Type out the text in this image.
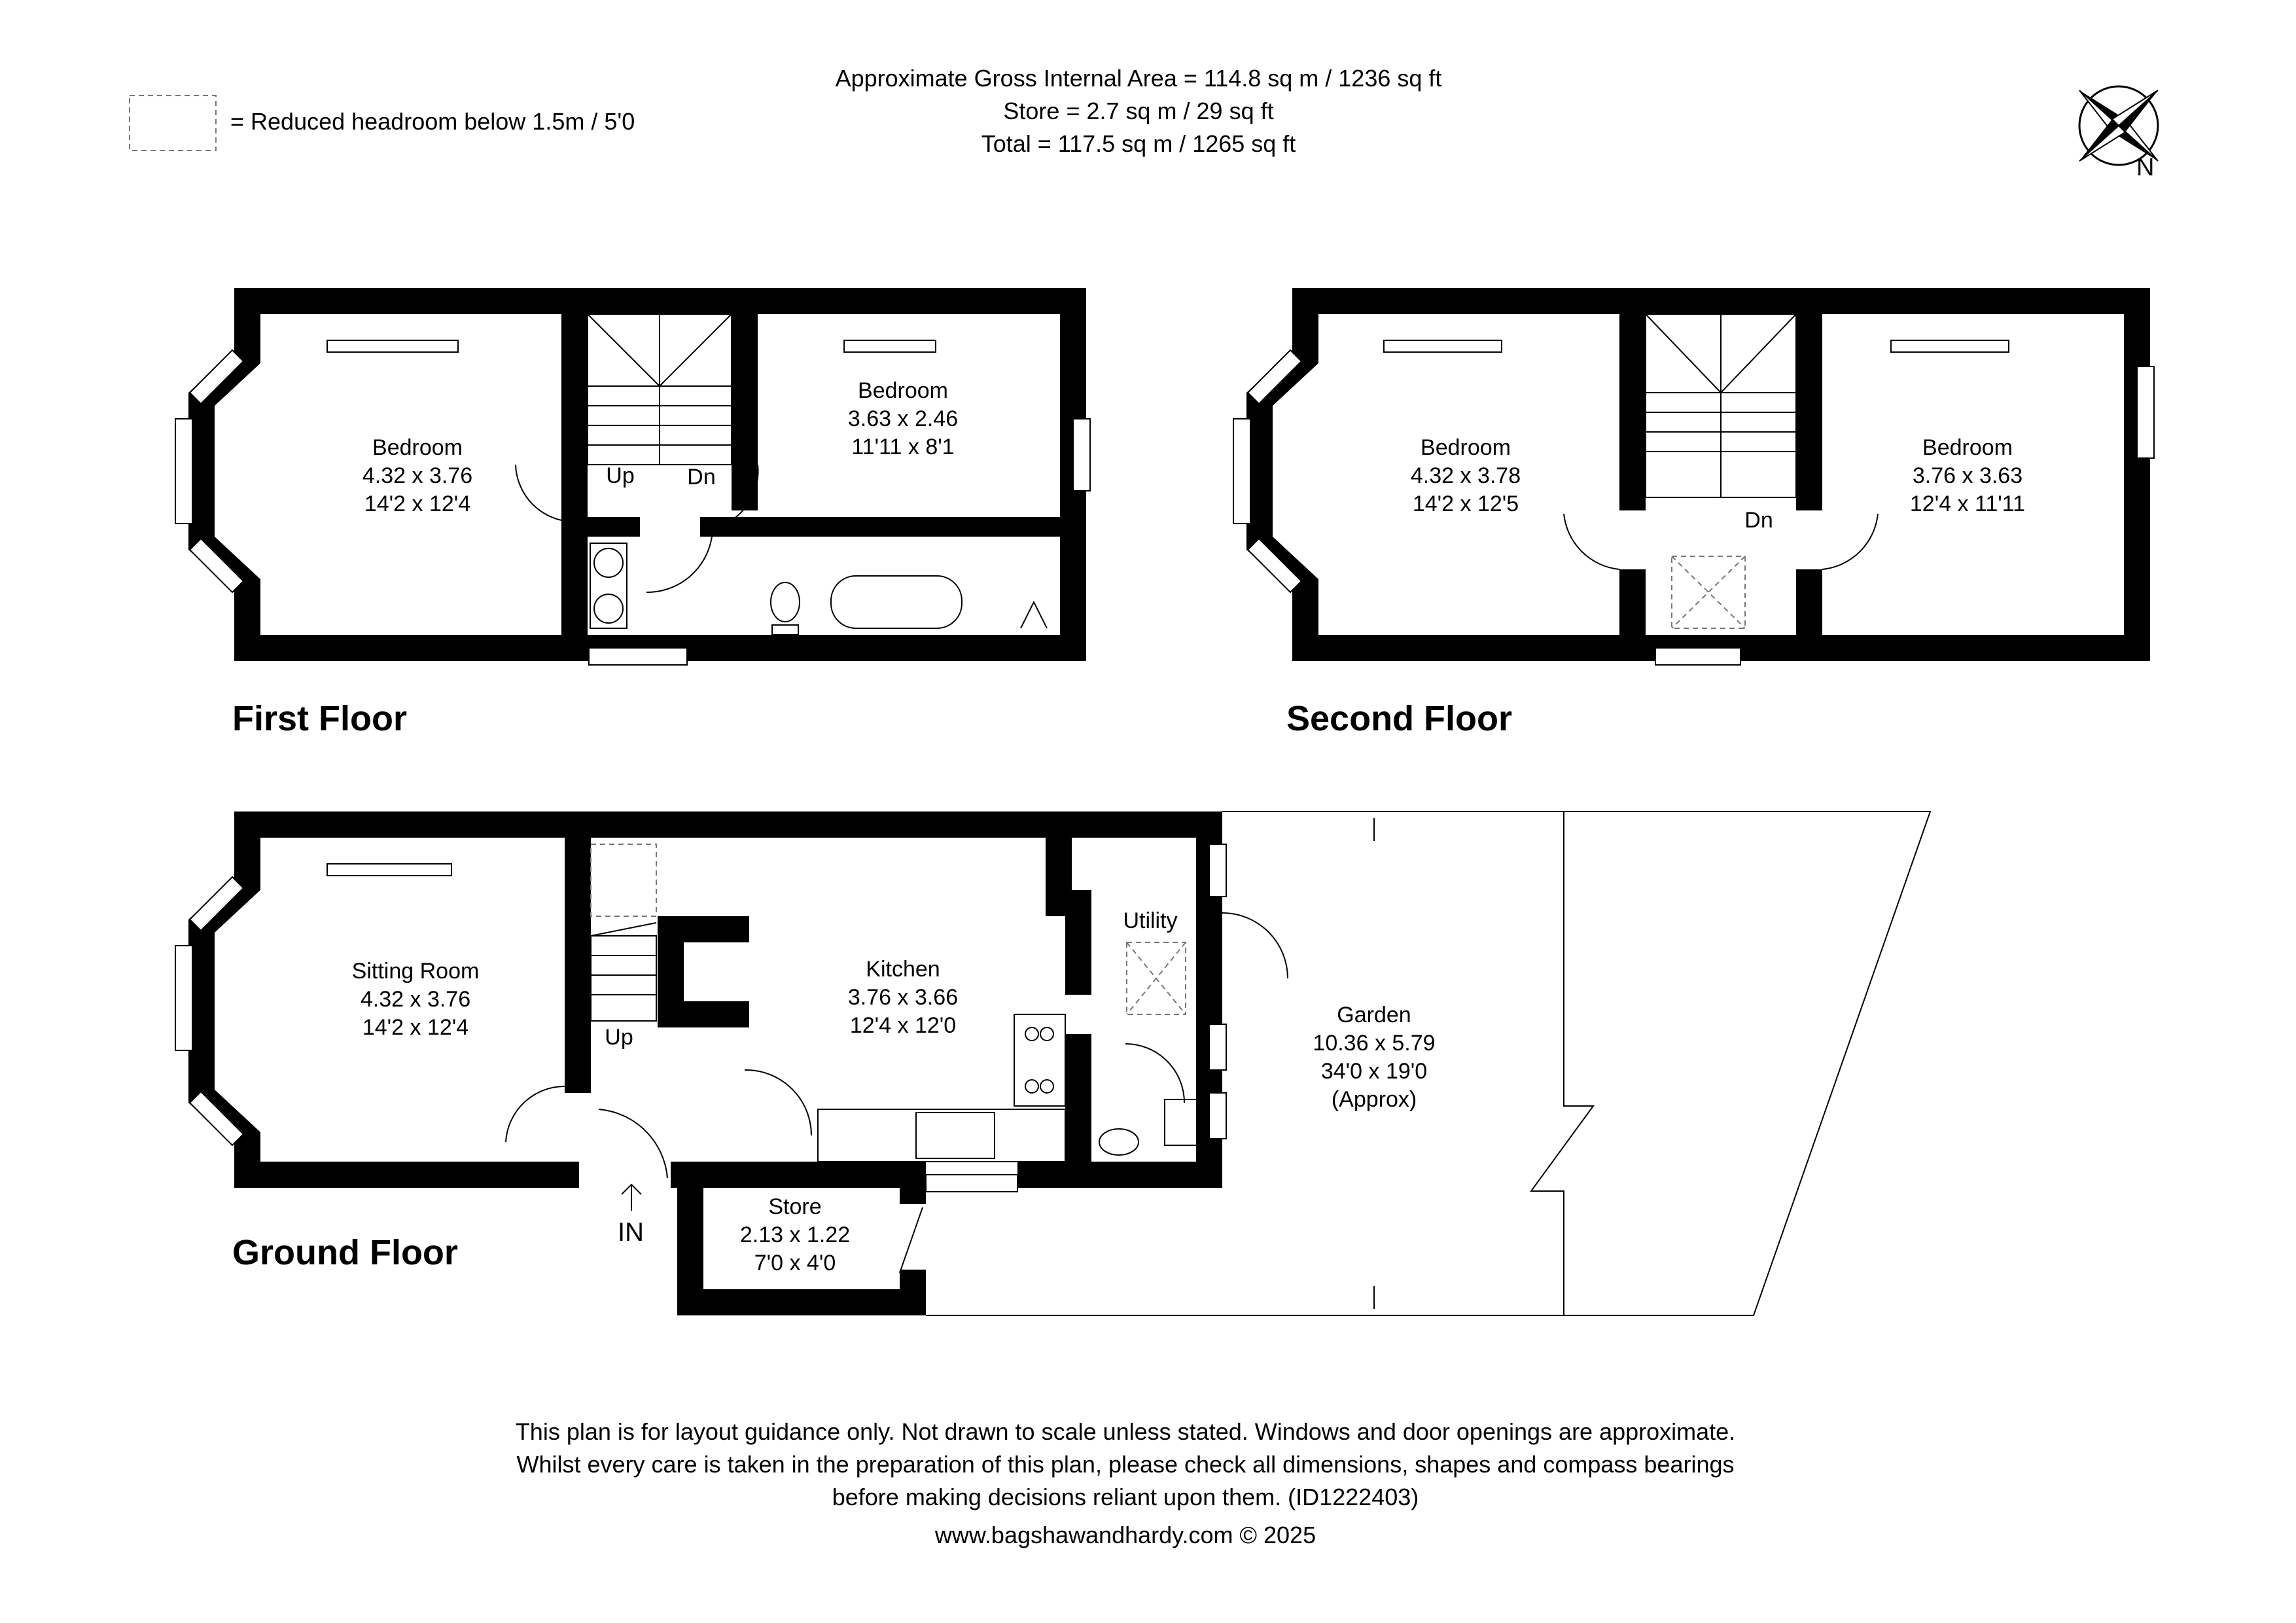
= Reduced headroom below 1.5m / 5'0
Approximate Gross Internal Area = 114.8 sq m / 1236 sq ft
Store = 2.7 sq m / 29 sq ft
Total = 117.5 sq m / 1265 sq ft
N
Bedroom
4.32 x 3.76
14'2 x 12'4
Bedroom
3.63 x 2.46
11'11 x 8'1
Up Dn
First Floor
Bedroom
4.32 x 3.78
14'2 x 12'5
Bedroom
3.76 x 3.63
12'4 x 11'11
Dn
Second Floor
Sitting Room
4.32 x 3.76
14'2 x 12'4
Kitchen
3.76 x 3.66
12'4 x 12'0
Utility
Store
2.13 x 1.22
7'0 x 4'0
Garden
10.36 x 5.79
34'0 x 19'0
(Approx)
Up
IN
Ground Floor
This plan is for layout guidance only. Not drawn to scale unless stated. Windows and door openings are approximate.
Whilst every care is taken in the preparation of this plan, please check all dimensions, shapes and compass bearings
before making decisions reliant upon them. (ID1222403)
www.bagshawandhardy.com © 2025
